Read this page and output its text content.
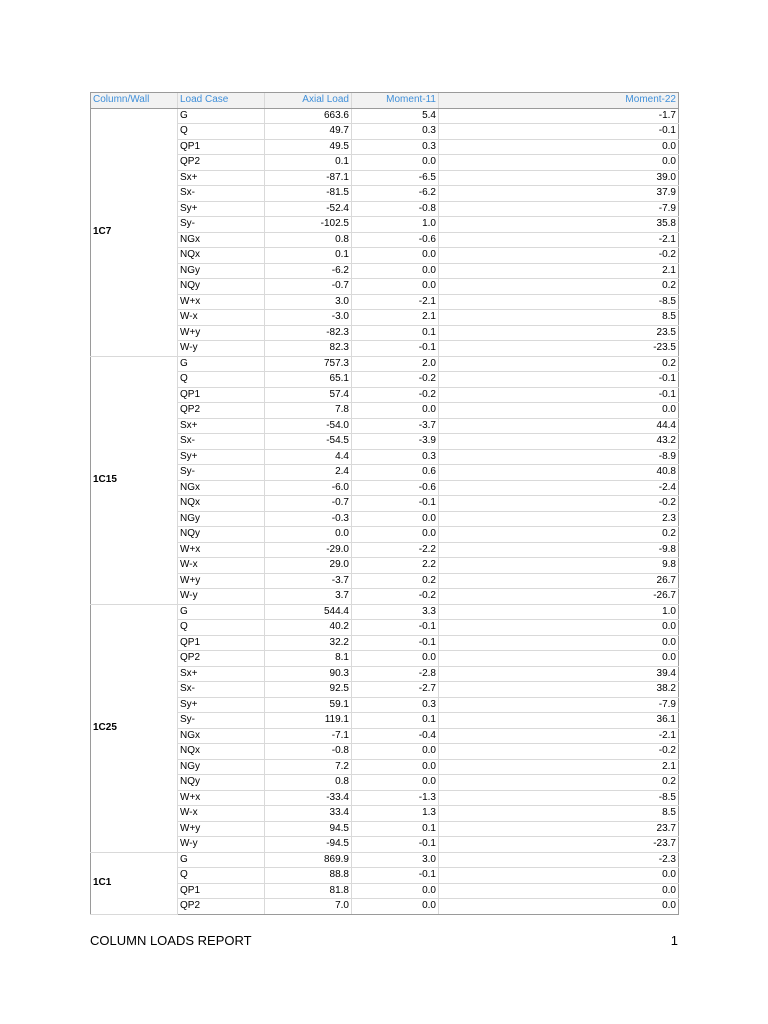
Column/Wall	Load Case	Axial Load	Moment-11	Moment-22
1C7	G	663.6	5.4	-1.7
	Q	49.7	0.3	-0.1
	QP1	49.5	0.3	0.0
	QP2	0.1	0.0	0.0
	Sx+	-87.1	-6.5	39.0
	Sx-	-81.5	-6.2	37.9
	Sy+	-52.4	-0.8	-7.9
	Sy-	-102.5	1.0	35.8
	NGx	0.8	-0.6	-2.1
	NQx	0.1	0.0	-0.2
	NGy	-6.2	0.0	2.1
	NQy	-0.7	0.0	0.2
	W+x	3.0	-2.1	-8.5
	W-x	-3.0	2.1	8.5
	W+y	-82.3	0.1	23.5
	W-y	82.3	-0.1	-23.5
1C15	G	757.3	2.0	0.2
	Q	65.1	-0.2	-0.1
	QP1	57.4	-0.2	-0.1
	QP2	7.8	0.0	0.0
	Sx+	-54.0	-3.7	44.4
	Sx-	-54.5	-3.9	43.2
	Sy+	4.4	0.3	-8.9
	Sy-	2.4	0.6	40.8
	NGx	-6.0	-0.6	-2.4
	NQx	-0.7	-0.1	-0.2
	NGy	-0.3	0.0	2.3
	NQy	0.0	0.0	0.2
	W+x	-29.0	-2.2	-9.8
	W-x	29.0	2.2	9.8
	W+y	-3.7	0.2	26.7
	W-y	3.7	-0.2	-26.7
1C25	G	544.4	3.3	1.0
	Q	40.2	-0.1	0.0
	QP1	32.2	-0.1	0.0
	QP2	8.1	0.0	0.0
	Sx+	90.3	-2.8	39.4
	Sx-	92.5	-2.7	38.2
	Sy+	59.1	0.3	-7.9
	Sy-	119.1	0.1	36.1
	NGx	-7.1	-0.4	-2.1
	NQx	-0.8	0.0	-0.2
	NGy	7.2	0.0	2.1
	NQy	0.8	0.0	0.2
	W+x	-33.4	-1.3	-8.5
	W-x	33.4	1.3	8.5
	W+y	94.5	0.1	23.7
	W-y	-94.5	-0.1	-23.7
1C1	G	869.9	3.0	-2.3
	Q	88.8	-0.1	0.0
	QP1	81.8	0.0	0.0
	QP2	7.0	0.0	0.0
COLUMN LOADS REPORT	1
